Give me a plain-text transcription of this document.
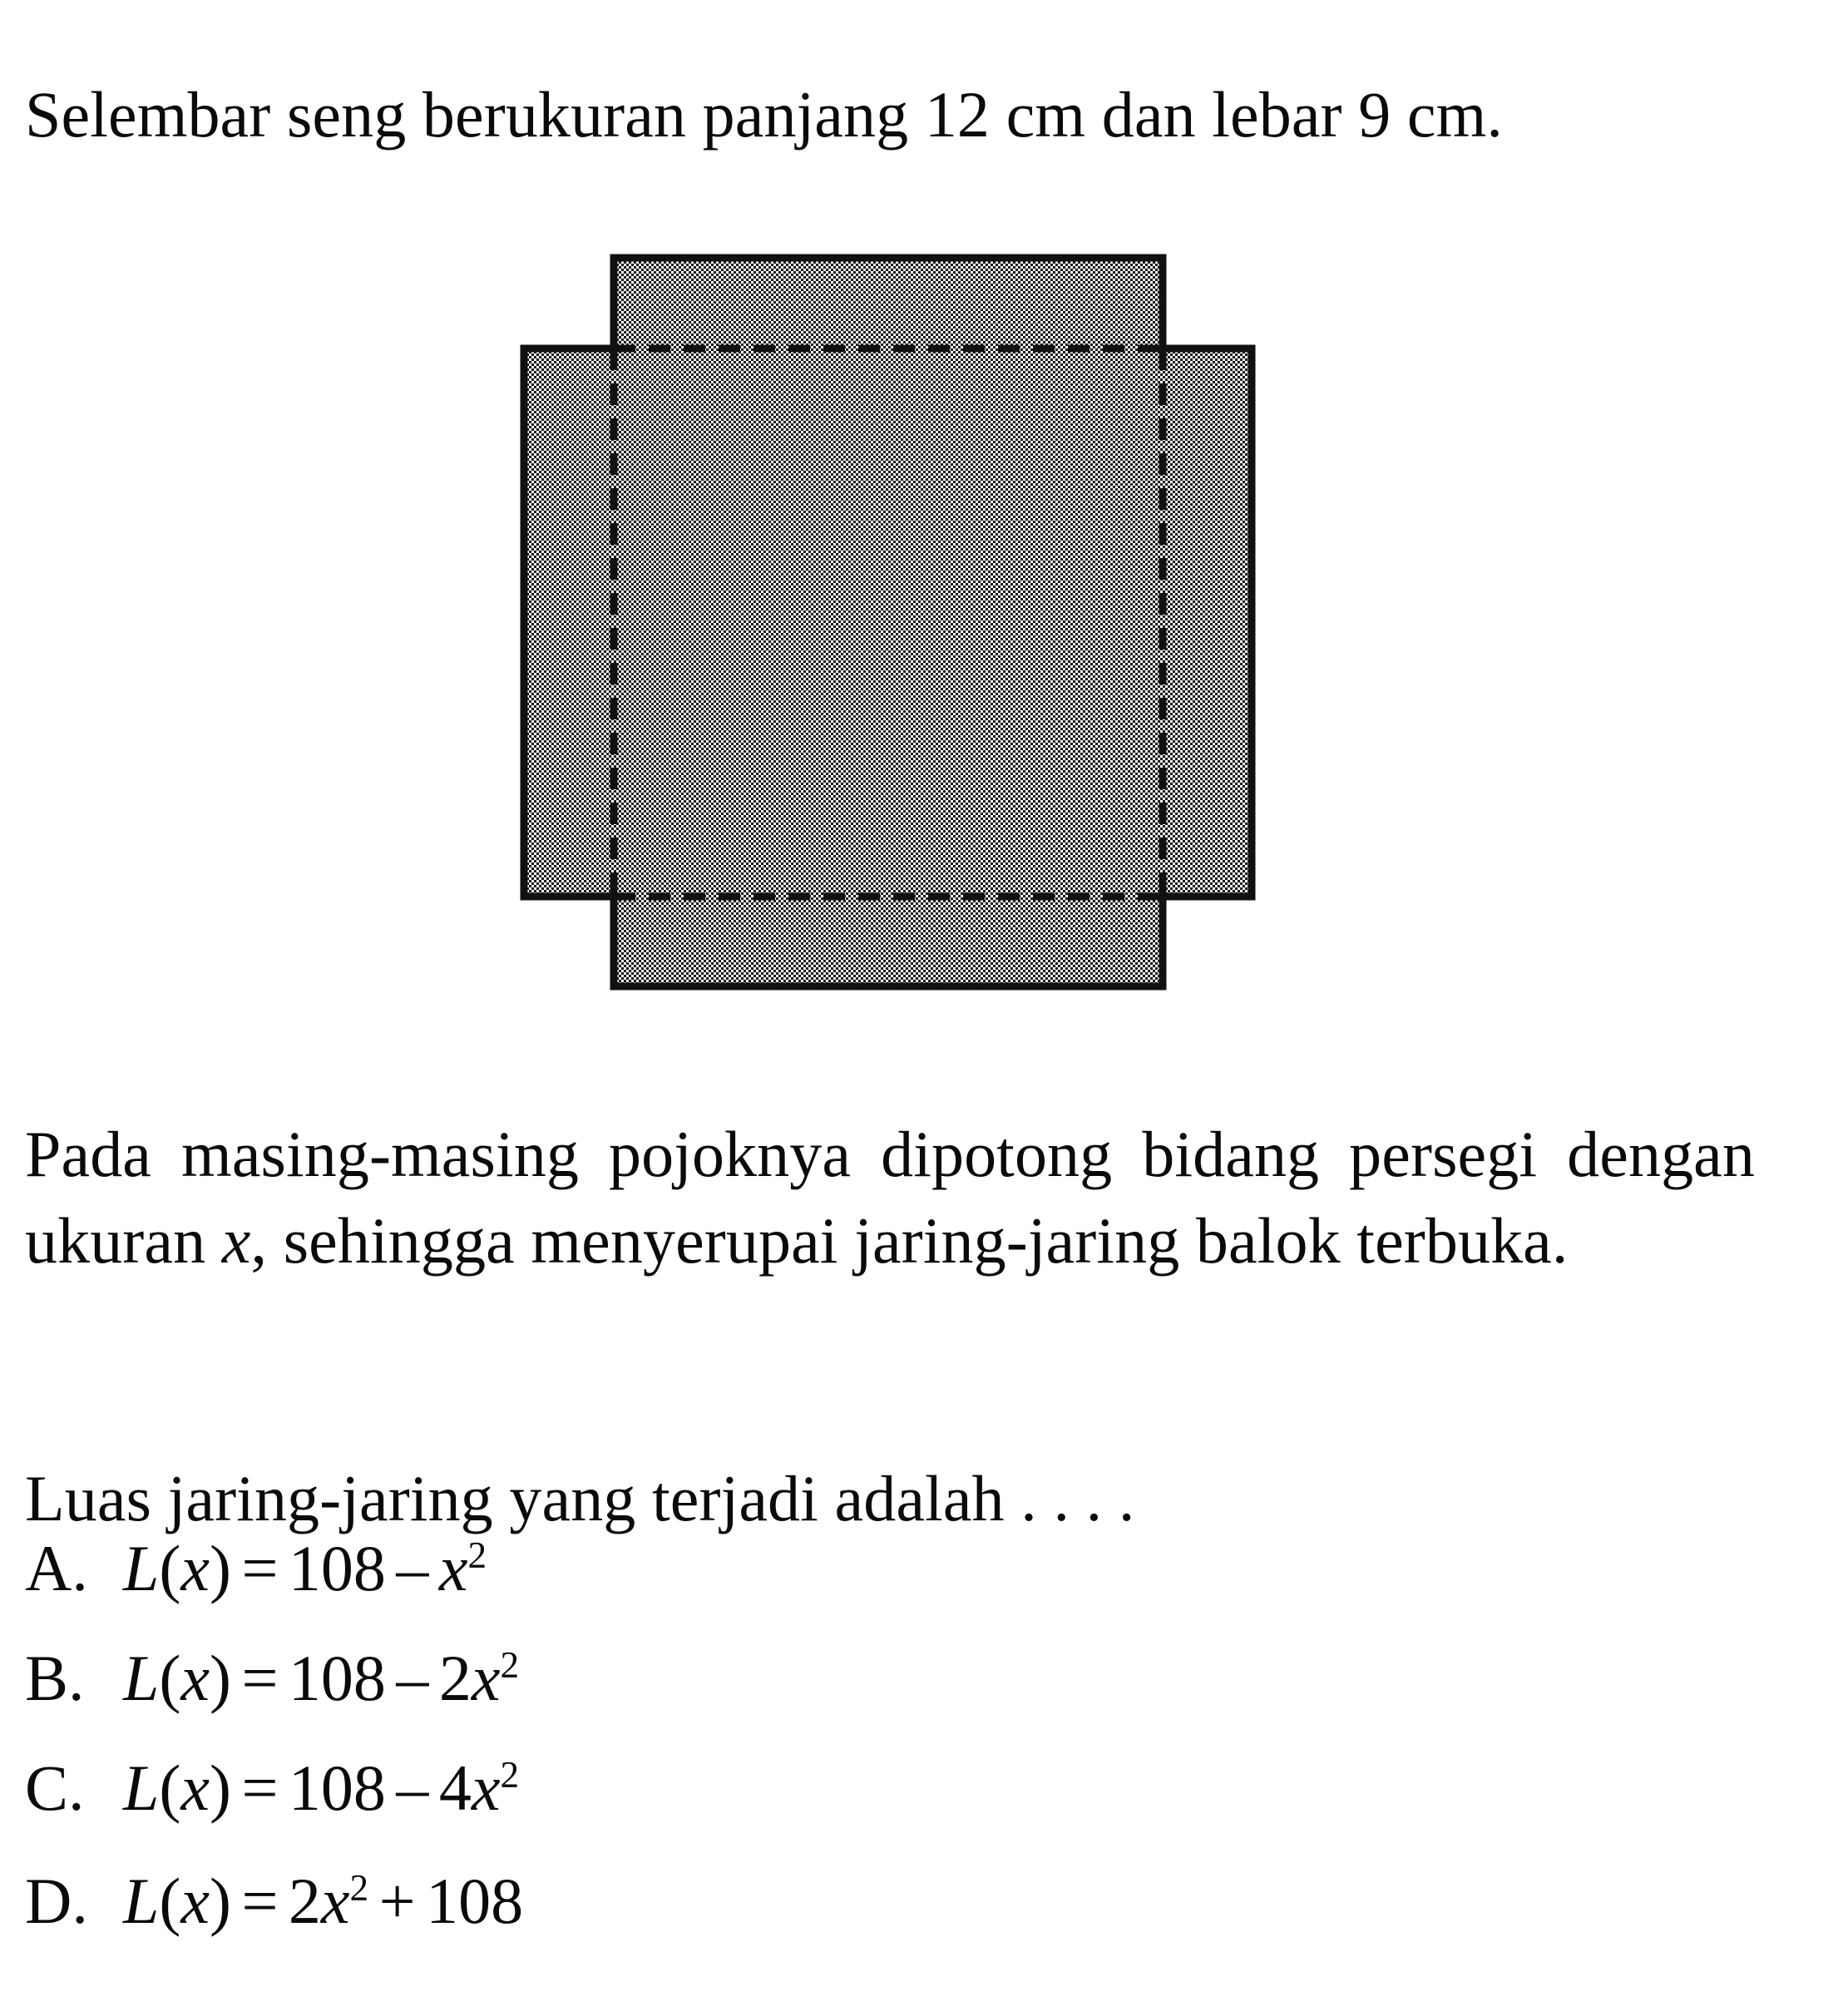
Selembar seng berukuran panjang 12 cm dan lebar 9 cm.

Pada masing-masing pojoknya dipotong bidang persegi dengan ukuran x, sehingga menyerupai jaring-jaring balok terbuka.

Luas jaring-jaring yang terjadi adalah . . . .

A. $L(x) = 108 - x^2$
B. $L(x) = 108 - 2x^2$
C. $L(x) = 108 - 4x^2$
D. $L(x) = 2x^2 + 108$
